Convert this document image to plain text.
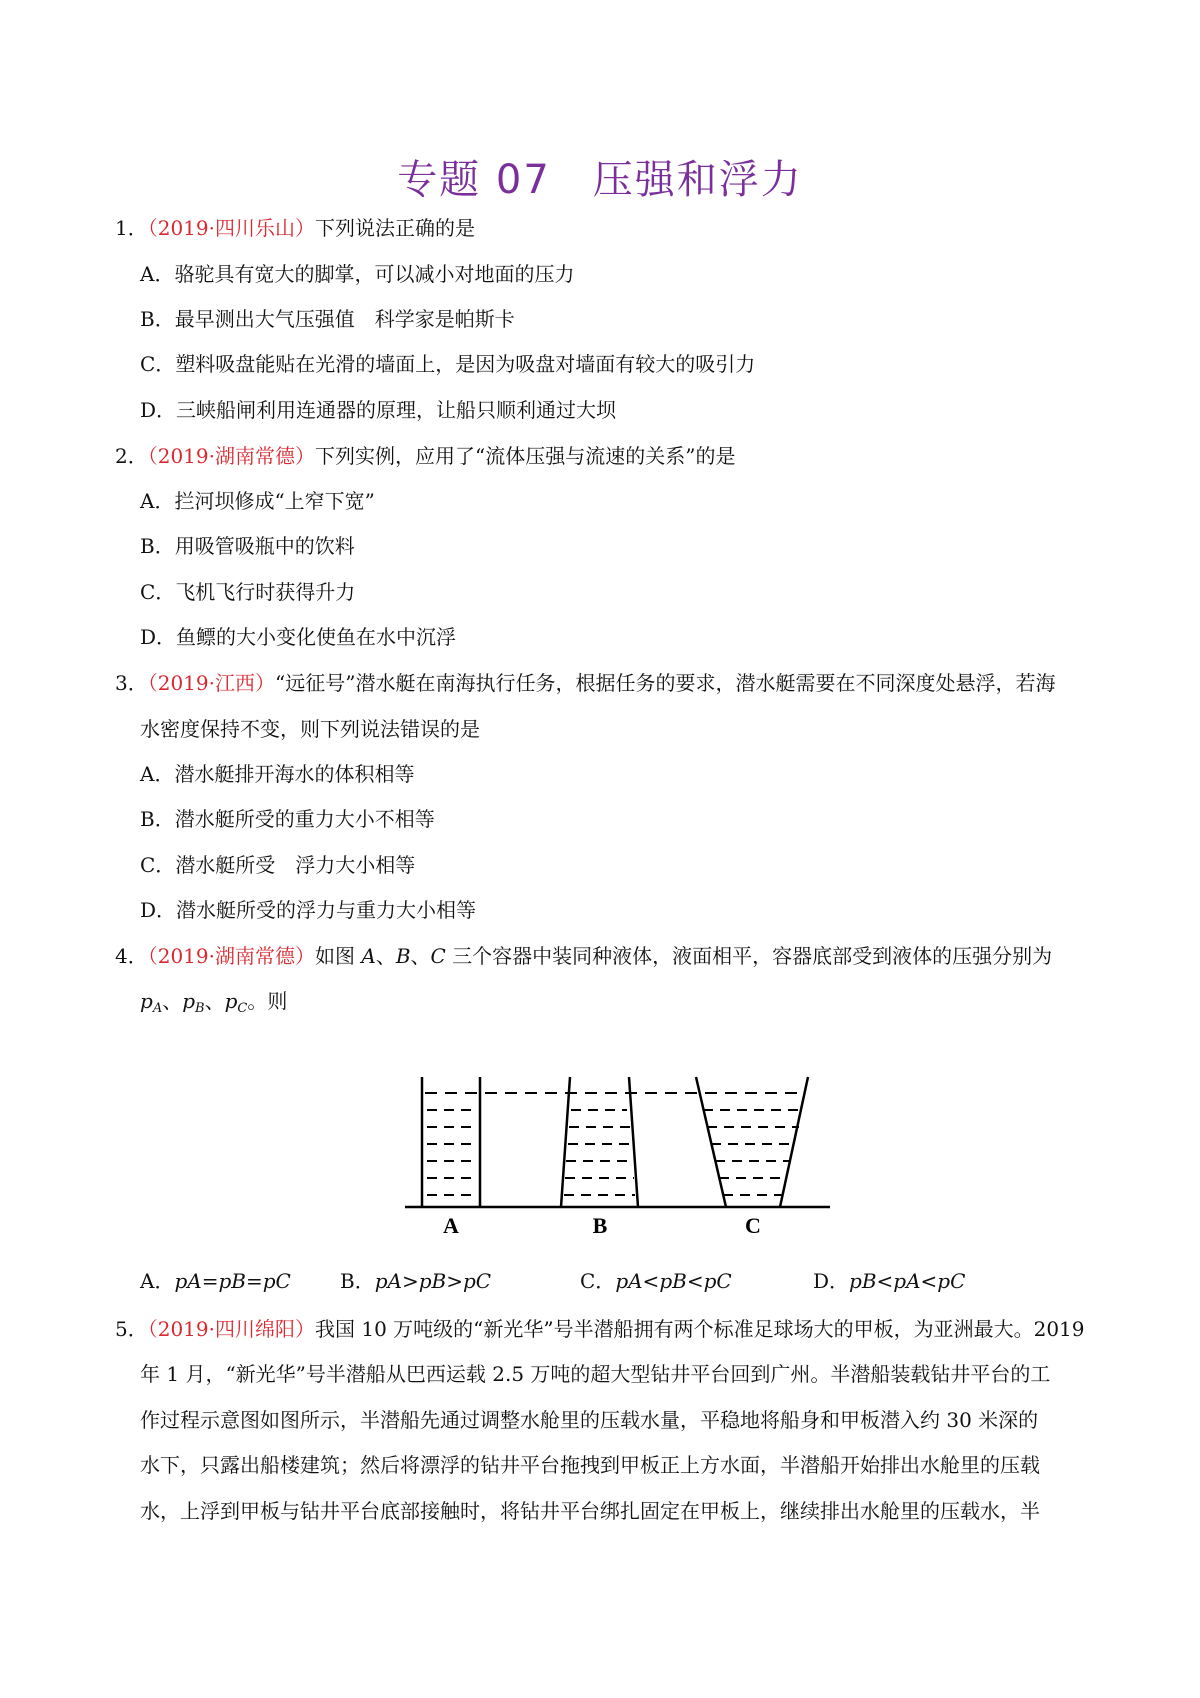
专题 07　压强和浮力
1．（2019·四川乐山）下列说法正确的是
A．骆驼具有宽大的脚掌，可以减小对地面的压力
B．最早测出大气压强值　科学家是帕斯卡
C．塑料吸盘能贴在光滑的墙面上，是因为吸盘对墙面有较大的吸引力
D．三峡船闸利用连通器的原理，让船只顺利通过大坝
2．（2019·湖南常德）下列实例，应用了“流体压强与流速的关系”的是
A．拦河坝修成“上窄下宽”
B．用吸管吸瓶中的饮料
C．飞机飞行时获得升力
D．鱼鳔的大小变化使鱼在水中沉浮
3．（2019·江西）“远征号”潜水艇在南海执行任务，根据任务的要求，潜水艇需要在不同深度处悬浮，若海
水密度保持不变，则下列说法错误的是
A．潜水艇排开海水的体积相等
B．潜水艇所受的重力大小不相等
C．潜水艇所受　浮力大小相等
D．潜水艇所受的浮力与重力大小相等
4．（2019·湖南常德）如图 A、B、C 三个容器中装同种液体，液面相平，容器底部受到液体的压强分别为
$p_A$、$p_B$、$p_C$。则
A	B	C
A．pA=pB=pC B．pA>pB>pC	C．pA<pB<pC	D．pB<pA<pC
5．（2019·四川绵阳）我国 10 万吨级的“新光华”号半潜船拥有两个标准足球场大的甲板，为亚洲最大。2019
年 1 月，“新光华”号半潜船从巴西运载 2.5 万吨的超大型钻井平台回到广州。半潜船装载钻井平台的工
作过程示意图如图所示，半潜船先通过调整水舱里的压载水量，平稳地将船身和甲板潜入约 30 米深的
水下，只露出船楼建筑；然后将漂浮的钻井平台拖拽到甲板正上方水面，半潜船开始排出水舱里的压载
水，上浮到甲板与钻井平台底部接触时，将钻井平台绑扎固定在甲板上，继续排出水舱里的压载水，半
